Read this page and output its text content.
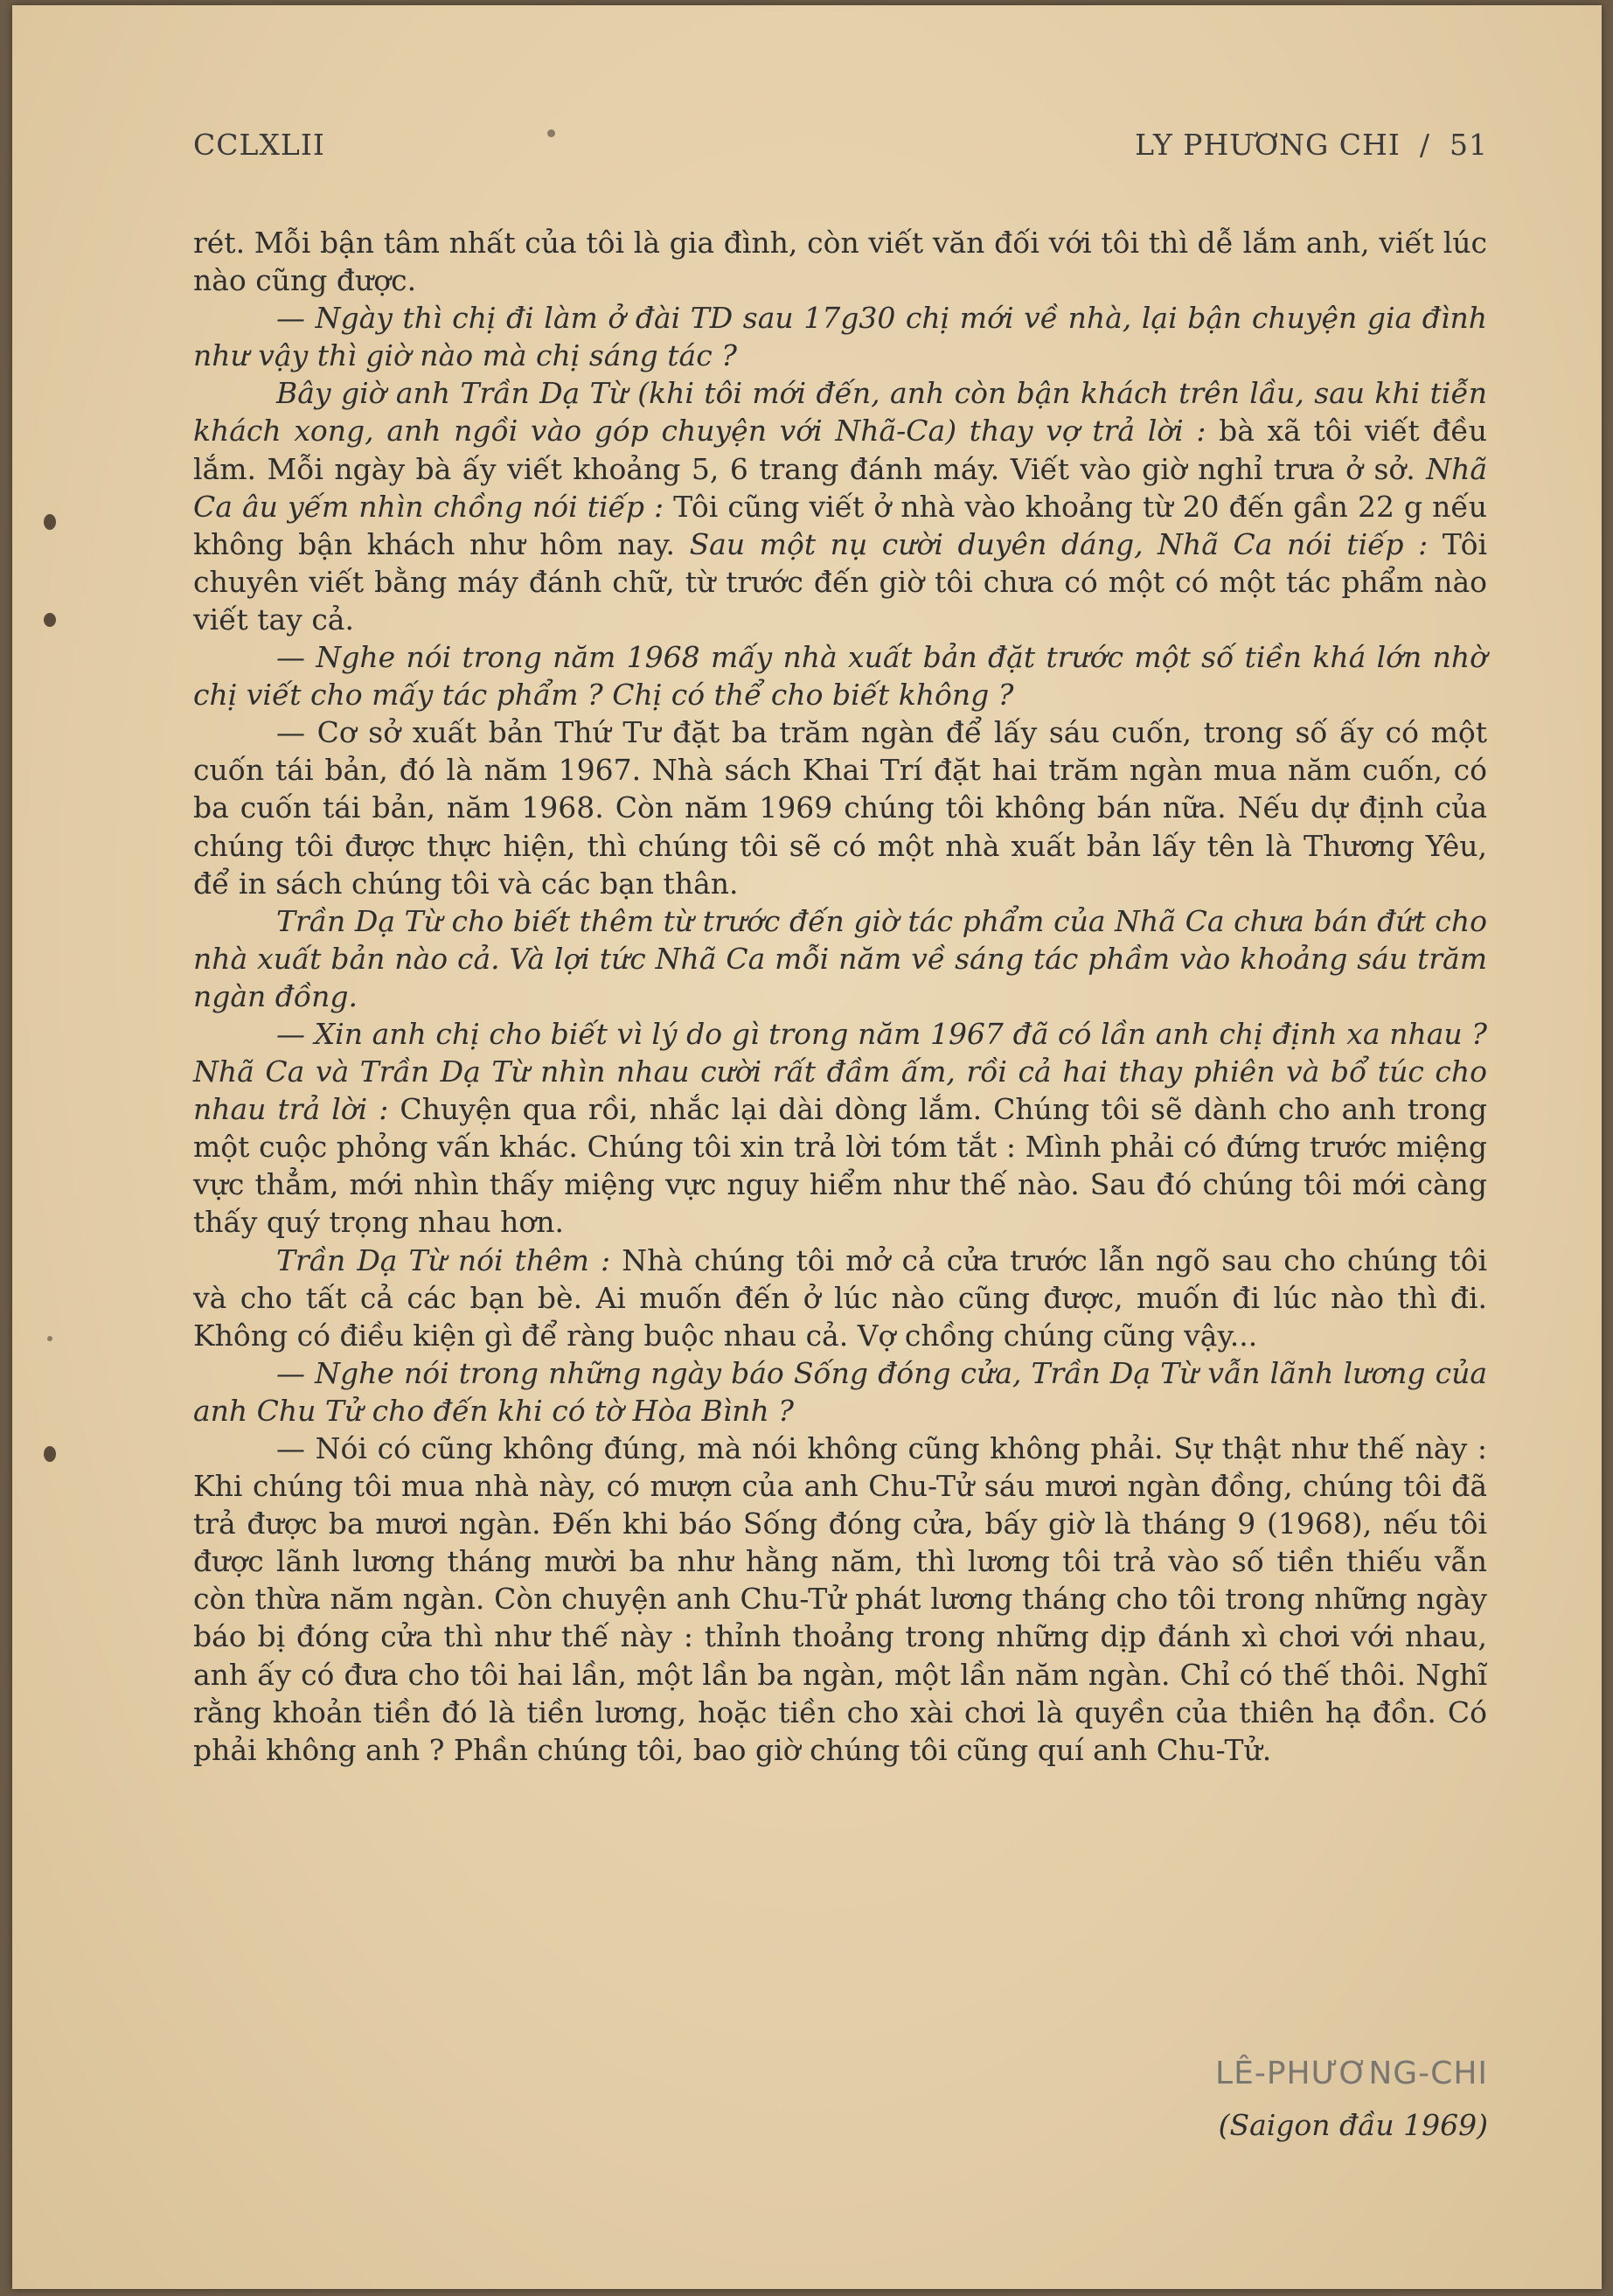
CCLXLII	LY PHƯƠNG CHI / 51

rét. Mỗi bận tâm nhất của tôi là gia đình, còn viết văn đối với tôi thì dễ lắm anh, viết lúc nào cũng được.

— Ngày thì chị đi làm ở đài TD sau 17g30 chị mới về nhà, lại bận chuyện gia đình như vậy thì giờ nào mà chị sáng tác ?

Bây giờ anh Trần Dạ Từ (khi tôi mới đến, anh còn bận khách trên lầu, sau khi tiễn khách xong, anh ngồi vào góp chuyện với Nhã-Ca) thay vợ trả lời : bà xã tôi viết đều lắm. Mỗi ngày bà ấy viết khoảng 5, 6 trang đánh máy. Viết vào giờ nghỉ trưa ở sở. Nhã Ca âu yếm nhìn chồng nói tiếp : Tôi cũng viết ở nhà vào khoảng từ 20 đến gần 22 g nếu không bận khách như hôm nay. Sau một nụ cười duyên dáng, Nhã Ca nói tiếp : Tôi chuyên viết bằng máy đánh chữ, từ trước đến giờ tôi chưa có một có một tác phẩm nào viết tay cả.

— Nghe nói trong năm 1968 mấy nhà xuất bản đặt trước một số tiền khá lớn nhờ chị viết cho mấy tác phẩm ? Chị có thể cho biết không ?

— Cơ sở xuất bản Thứ Tư đặt ba trăm ngàn để lấy sáu cuốn, trong số ấy có một cuốn tái bản, đó là năm 1967. Nhà sách Khai Trí đặt hai trăm ngàn mua năm cuốn, có ba cuốn tái bản, năm 1968. Còn năm 1969 chúng tôi không bán nữa. Nếu dự định của chúng tôi được thực hiện, thì chúng tôi sẽ có một nhà xuất bản lấy tên là Thương Yêu, để in sách chúng tôi và các bạn thân.

Trần Dạ Từ cho biết thêm từ trước đến giờ tác phẩm của Nhã Ca chưa bán đứt cho nhà xuất bản nào cả. Và lợi tức Nhã Ca mỗi năm về sáng tác phầm vào khoảng sáu trăm ngàn đồng.

— Xin anh chị cho biết vì lý do gì trong năm 1967 đã có lần anh chị định xa nhau ? Nhã Ca và Trần Dạ Từ nhìn nhau cười rất đầm ấm, rồi cả hai thay phiên và bổ túc cho nhau trả lời : Chuyện qua rồi, nhắc lại dài dòng lắm. Chúng tôi sẽ dành cho anh trong một cuộc phỏng vấn khác. Chúng tôi xin trả lời tóm tắt : Mình phải có đứng trước miệng vực thẳm, mới nhìn thấy miệng vực nguy hiểm như thế nào. Sau đó chúng tôi mới càng thấy quý trọng nhau hơn.

Trần Dạ Từ nói thêm : Nhà chúng tôi mở cả cửa trước lẫn ngõ sau cho chúng tôi và cho tất cả các bạn bè. Ai muốn đến ở lúc nào cũng được, muốn đi lúc nào thì đi. Không có điều kiện gì để ràng buộc nhau cả. Vợ chồng chúng cũng vậy...

— Nghe nói trong những ngày báo Sống đóng cửa, Trần Dạ Từ vẫn lãnh lương của anh Chu Tử cho đến khi có tờ Hòa Bình ?

— Nói có cũng không đúng, mà nói không cũng không phải. Sự thật như thế này : Khi chúng tôi mua nhà này, có mượn của anh Chu-Tử sáu mươi ngàn đồng, chúng tôi đã trả được ba mươi ngàn. Đến khi báo Sống đóng cửa, bấy giờ là tháng 9 (1968), nếu tôi được lãnh lương tháng mười ba như hằng năm, thì lương tôi trả vào số tiền thiếu vẫn còn thừa năm ngàn. Còn chuyện anh Chu-Tử phát lương tháng cho tôi trong những ngày báo bị đóng cửa thì như thế này : thỉnh thoảng trong những dịp đánh xì chơi với nhau, anh ấy có đưa cho tôi hai lần, một lần ba ngàn, một lần năm ngàn. Chỉ có thế thôi. Nghĩ rằng khoản tiền đó là tiền lương, hoặc tiền cho xài chơi là quyền của thiên hạ đồn. Có phải không anh ? Phần chúng tôi, bao giờ chúng tôi cũng quí anh Chu-Tử.

LÊ-PHƯƠNG-CHI
(Saigon đầu 1969)
